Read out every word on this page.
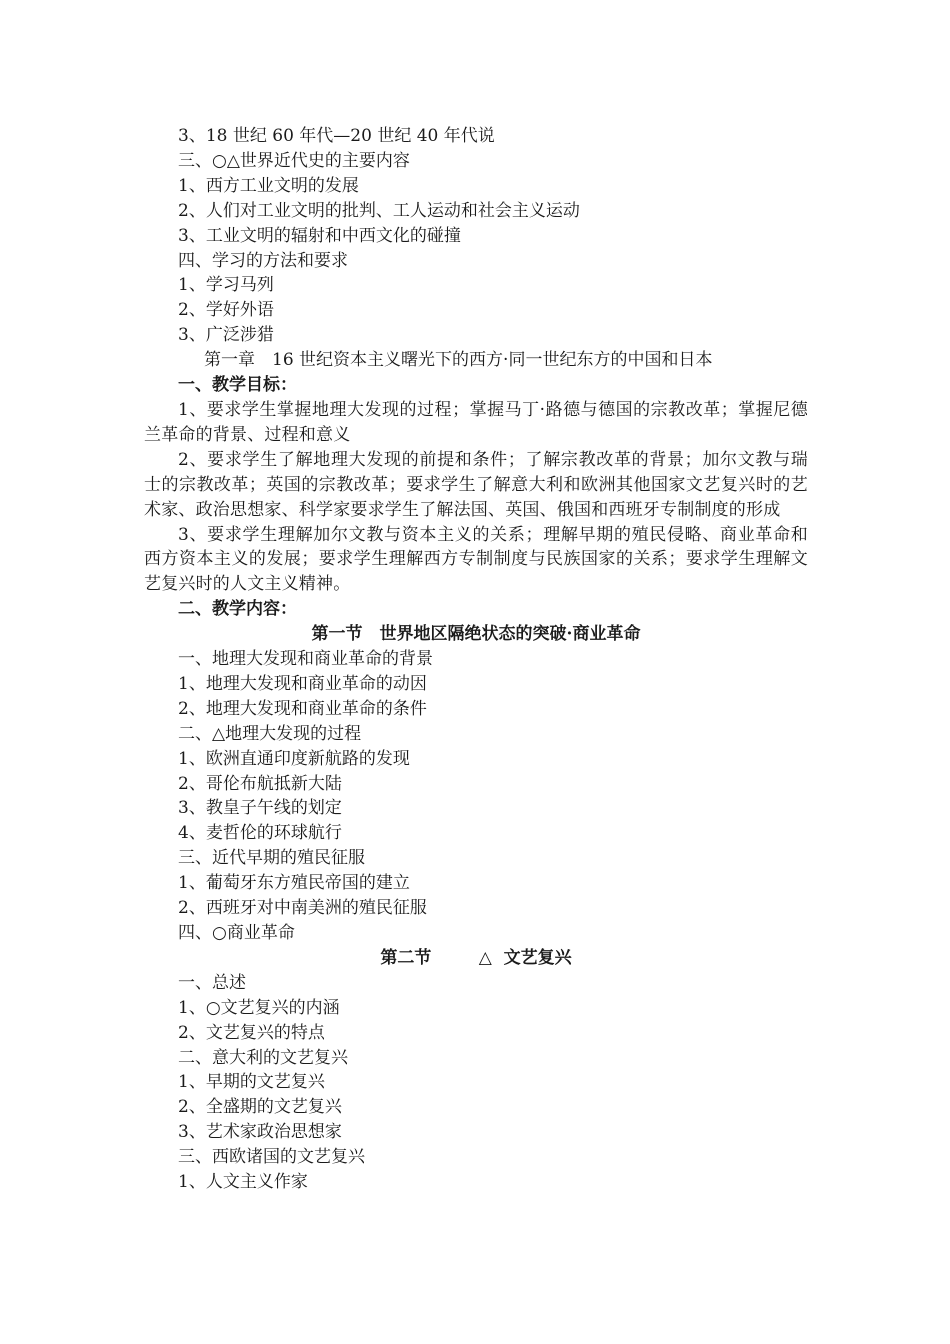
3、18 世纪 60 年代—20 世纪 40 年代说
三、○△世界近代史的主要内容
1、西方工业文明的发展
2、人们对工业文明的批判、工人运动和社会主义运动
3、工业文明的辐射和中西文化的碰撞
四、学习的方法和要求
1、学习马列
2、学好外语
3、广泛涉猎
第一章　16 世纪资本主义曙光下的西方·同一世纪东方的中国和日本
一、教学目标：
1、要求学生掌握地理大发现的过程；掌握马丁·路德与德国的宗教改革；掌握尼德兰革命的背景、过程和意义
2、要求学生了解地理大发现的前提和条件；了解宗教改革的背景；加尔文教与瑞士的宗教改革；英国的宗教改革；要求学生了解意大利和欧洲其他国家文艺复兴时的艺术家、政治思想家、科学家要求学生了解法国、英国、俄国和西班牙专制制度的形成
3、要求学生理解加尔文教与资本主义的关系；理解早期的殖民侵略、商业革命和西方资本主义的发展；要求学生理解西方专制制度与民族国家的关系；要求学生理解文艺复兴时的人文主义精神。
二、教学内容：
第一节　世界地区隔绝状态的突破·商业革命
一、地理大发现和商业革命的背景
1、地理大发现和商业革命的动因
2、地理大发现和商业革命的条件
二、△地理大发现的过程
1、欧洲直通印度新航路的发现
2、哥伦布航抵新大陆
3、教皇子午线的划定
4、麦哲伦的环球航行
三、近代早期的殖民征服
1、葡萄牙东方殖民帝国的建立
2、西班牙对中南美洲的殖民征服
四、○商业革命
第二节        △  文艺复兴
一、总述
1、○文艺复兴的内涵
2、文艺复兴的特点
二、意大利的文艺复兴
1、早期的文艺复兴
2、全盛期的文艺复兴
3、艺术家政治思想家
三、西欧诸国的文艺复兴
1、人文主义作家
